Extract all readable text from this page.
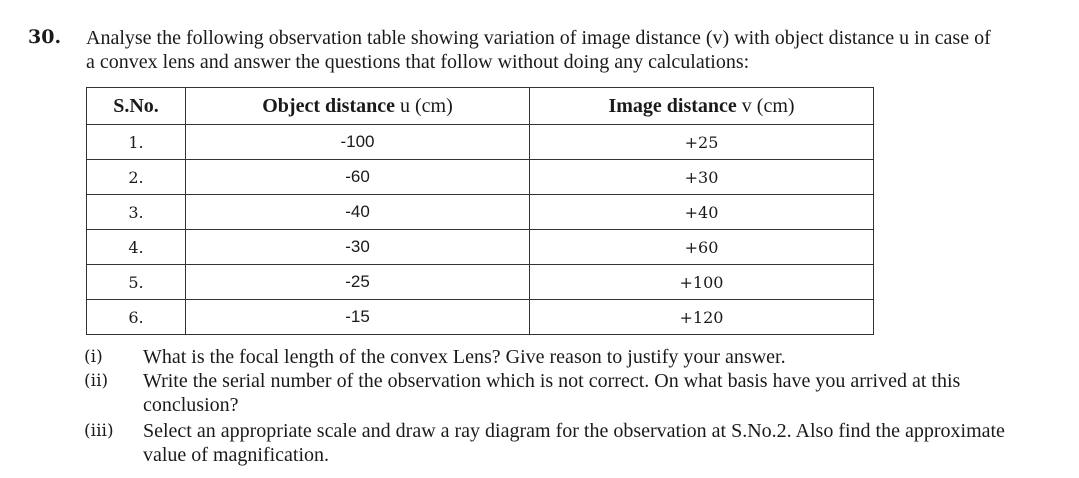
30. Analyse the following observation table showing variation of image distance (v) with object distance u in case of
a convex lens and answer the questions that follow without doing any calculations:
S.No.	Object distance u (cm)	Image distance v (cm)
1.	-100	+25
2.	-60	+30
3.	-40	+40
4.	-30	+60
5.	-25	+100
6.	-15	+120
(i)	What is the focal length of the convex Lens? Give reason to justify your answer.
(ii)	Write the serial number of the observation which is not correct. On what basis have you arrived at this
conclusion?
(iii)	Select an appropriate scale and draw a ray diagram for the observation at S.No.2. Also find the approximate
value of magnification.
